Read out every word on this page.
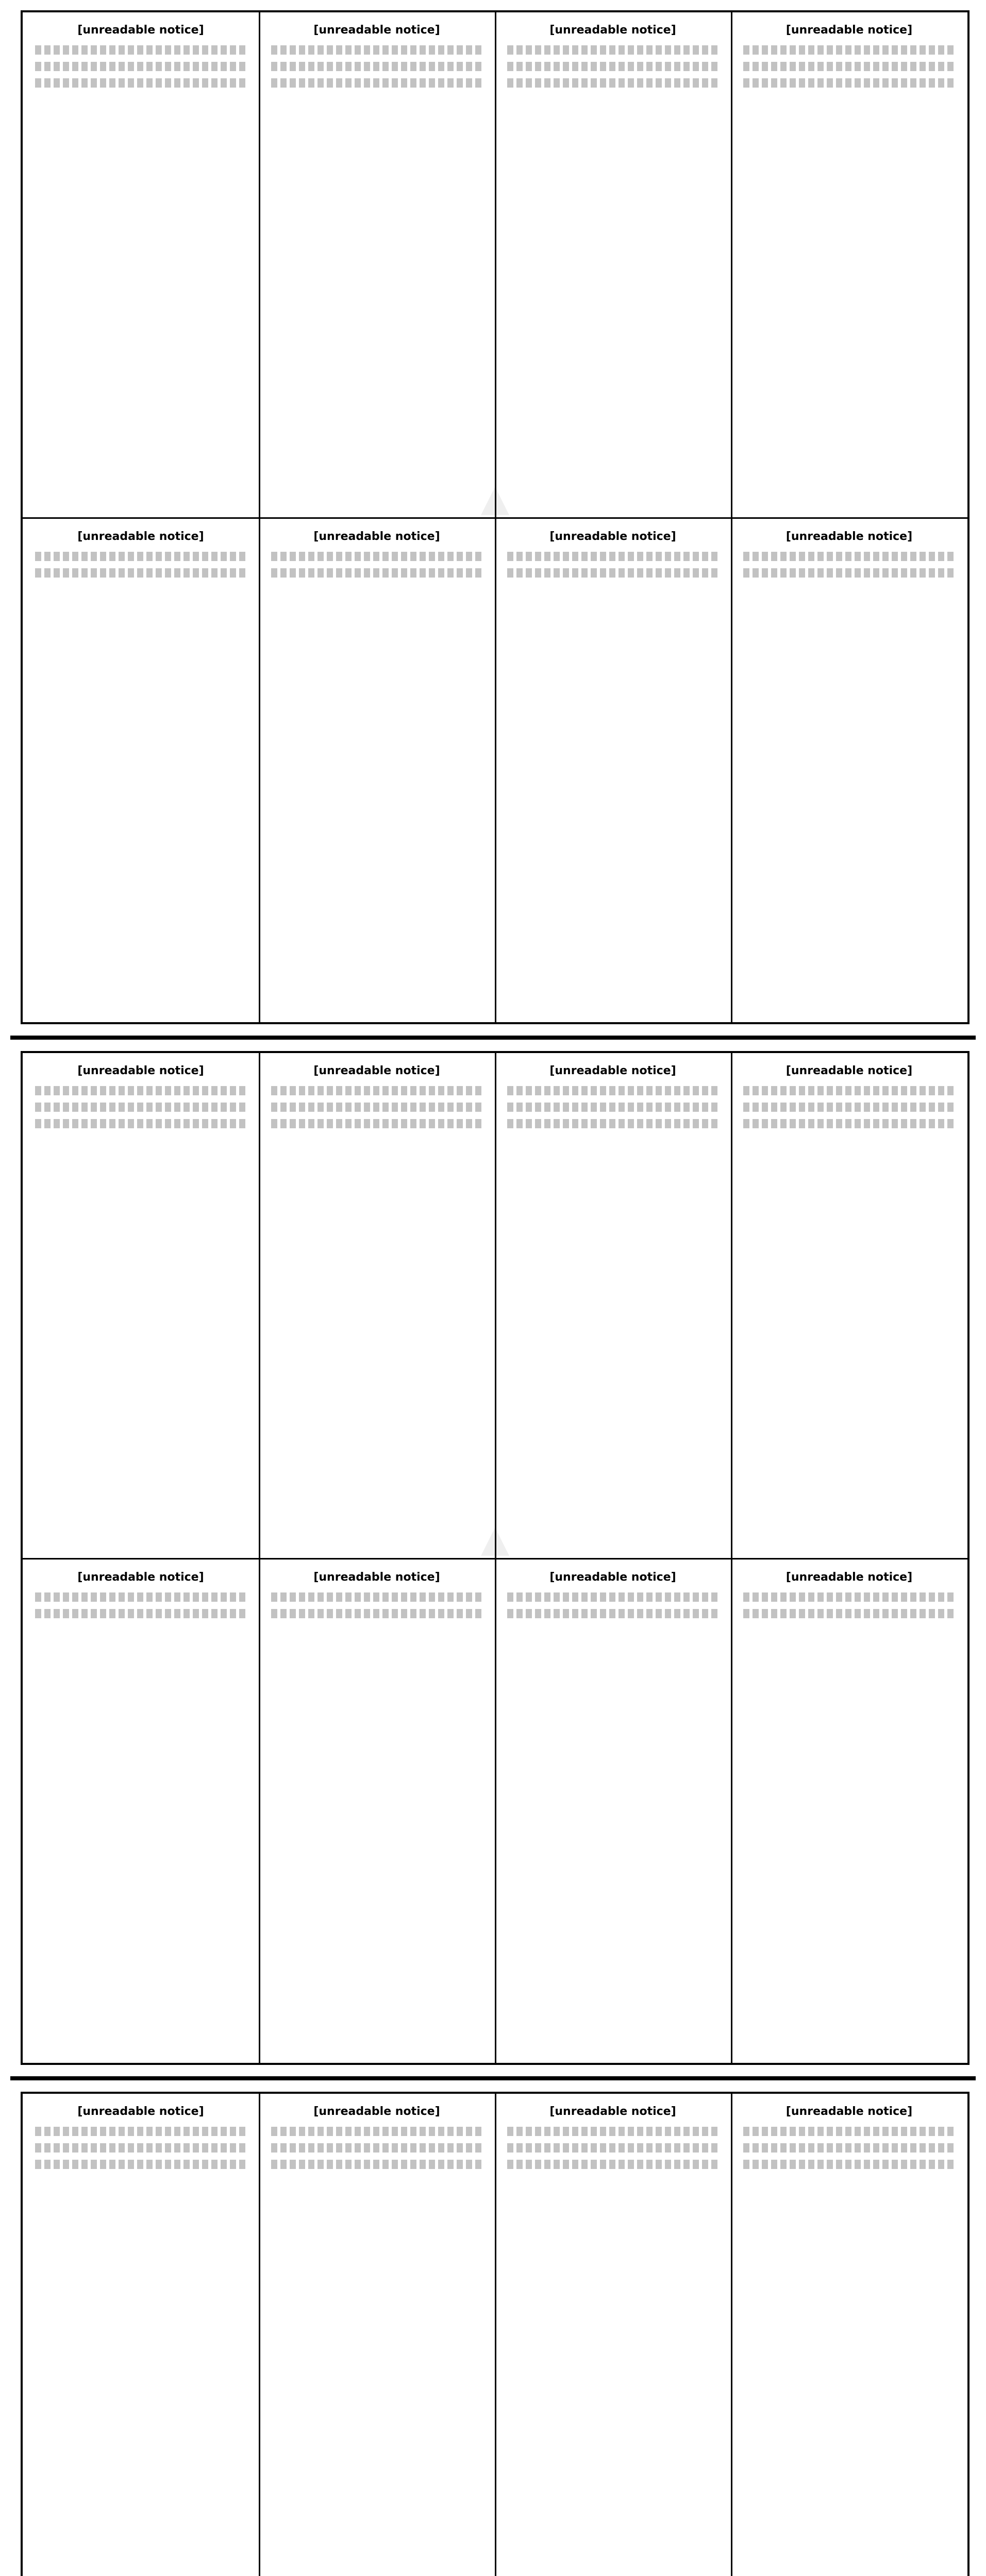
▲

[unreadable notice]

[unreadable notice]

[unreadable notice]

[unreadable notice]

[unreadable notice]

[unreadable notice]

[unreadable notice]

[unreadable notice]

▲

[unreadable notice]

[unreadable notice]

[unreadable notice]

[unreadable notice]

[unreadable notice]

[unreadable notice]

[unreadable notice]

[unreadable notice]

[unreadable notice]

[unreadable notice]

[unreadable notice]

[unreadable notice]
